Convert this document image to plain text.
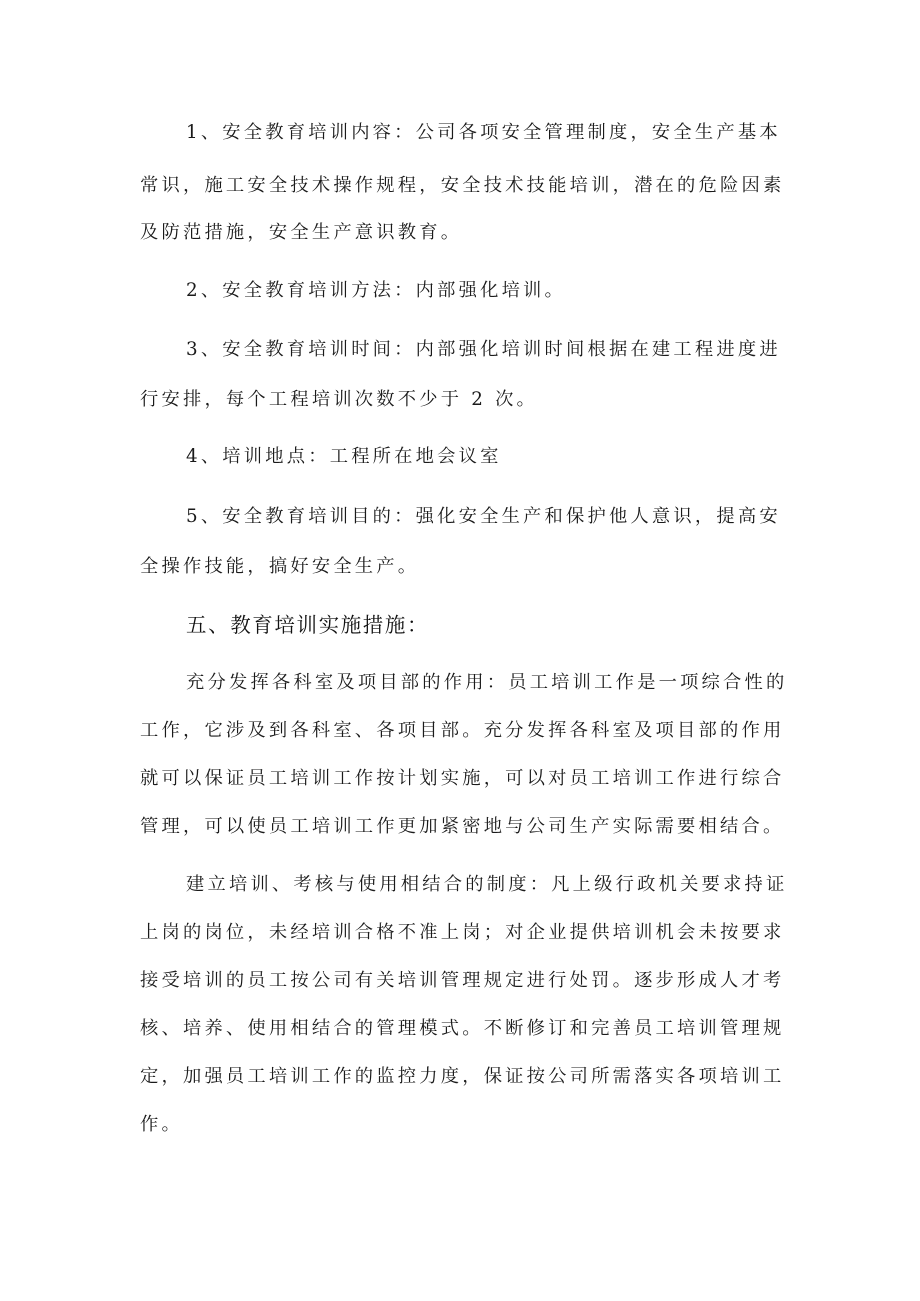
1、安全教育培训内容：公司各项安全管理制度，安全生产基本
常识，施工安全技术操作规程，安全技术技能培训，潜在的危险因素
及防范措施，安全生产意识教育。
2、安全教育培训方法：内部强化培训。
3、安全教育培训时间：内部强化培训时间根据在建工程进度进
行安排，每个工程培训次数不少于 2 次。
4、培训地点：工程所在地会议室
5、安全教育培训目的：强化安全生产和保护他人意识，提高安
全操作技能，搞好安全生产。
五、教育培训实施措施：
充分发挥各科室及项目部的作用：员工培训工作是一项综合性的
工作，它涉及到各科室、各项目部。充分发挥各科室及项目部的作用
就可以保证员工培训工作按计划实施，可以对员工培训工作进行综合
管理，可以使员工培训工作更加紧密地与公司生产实际需要相结合。
建立培训、考核与使用相结合的制度：凡上级行政机关要求持证
上岗的岗位，未经培训合格不准上岗；对企业提供培训机会未按要求
接受培训的员工按公司有关培训管理规定进行处罚。逐步形成人才考
核、培养、使用相结合的管理模式。不断修订和完善员工培训管理规
定，加强员工培训工作的监控力度，保证按公司所需落实各项培训工
作。
